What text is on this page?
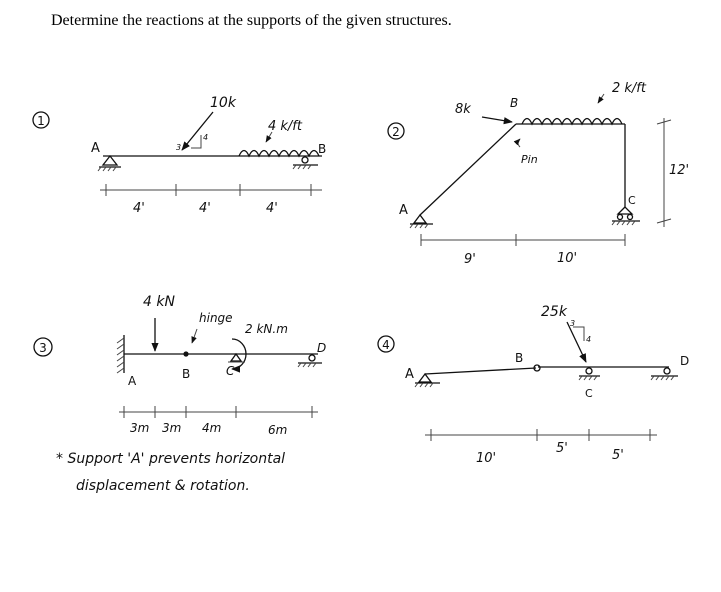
Determine the reactions at the supports of the given structures.
1
A	B
10k
4
3
4 k/ft
4'	4'	4'
2
A
C
8k	B
2 k/ft
Pin
9'	10'
12'
3
A
4 kN
hinge
B
2 kN.m
C
D
3m 3m 4m	6m
* Support 'A' prevents horizontal
displacement & rotation.
4
A
B
C
25k
3
4
D
10'
5'	5'
